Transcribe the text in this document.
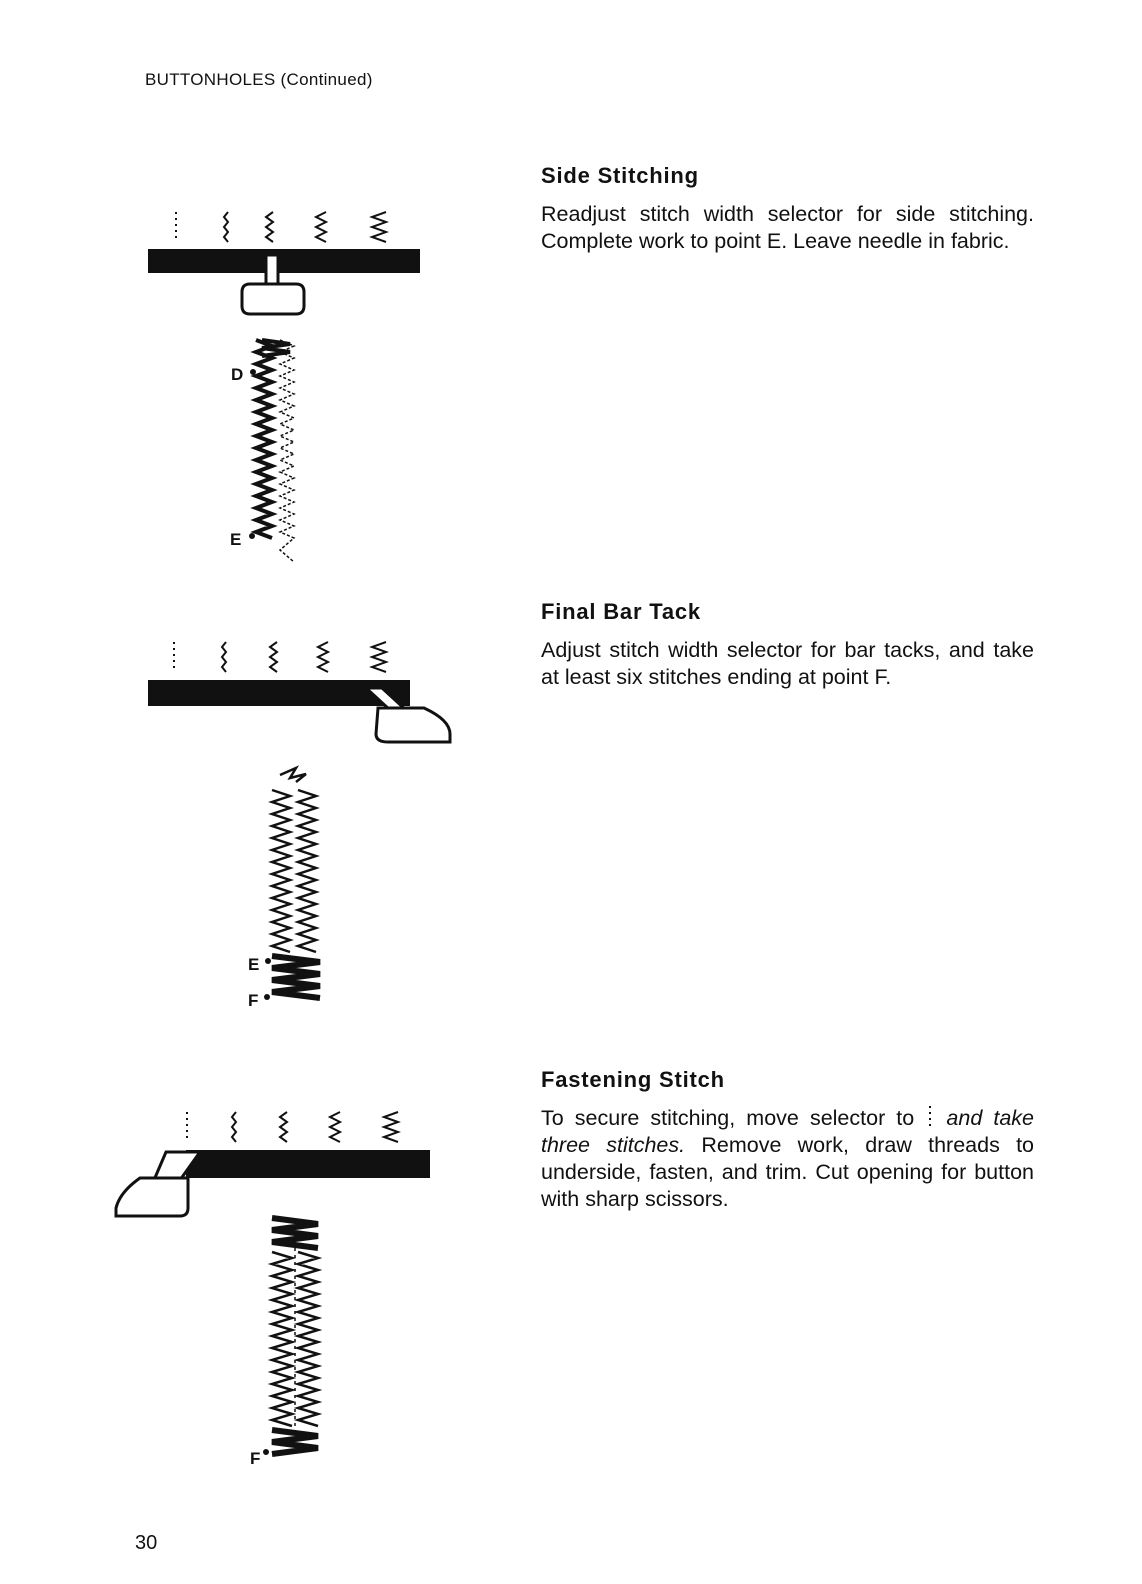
BUTTONHOLES (Continued)
Side Stitching

Readjust stitch width selector for side stitching. Complete work to point E. Leave needle in fabric.

D
E
Final Bar Tack

Adjust stitch width selector for bar tacks, and take at least six stitches ending at point F.

E
F
Fastening Stitch

To secure stitching, move selector to and take three stitches. Remove work, draw threads to underside, fasten, and trim. Cut opening for button with sharp scissors.

F
30
